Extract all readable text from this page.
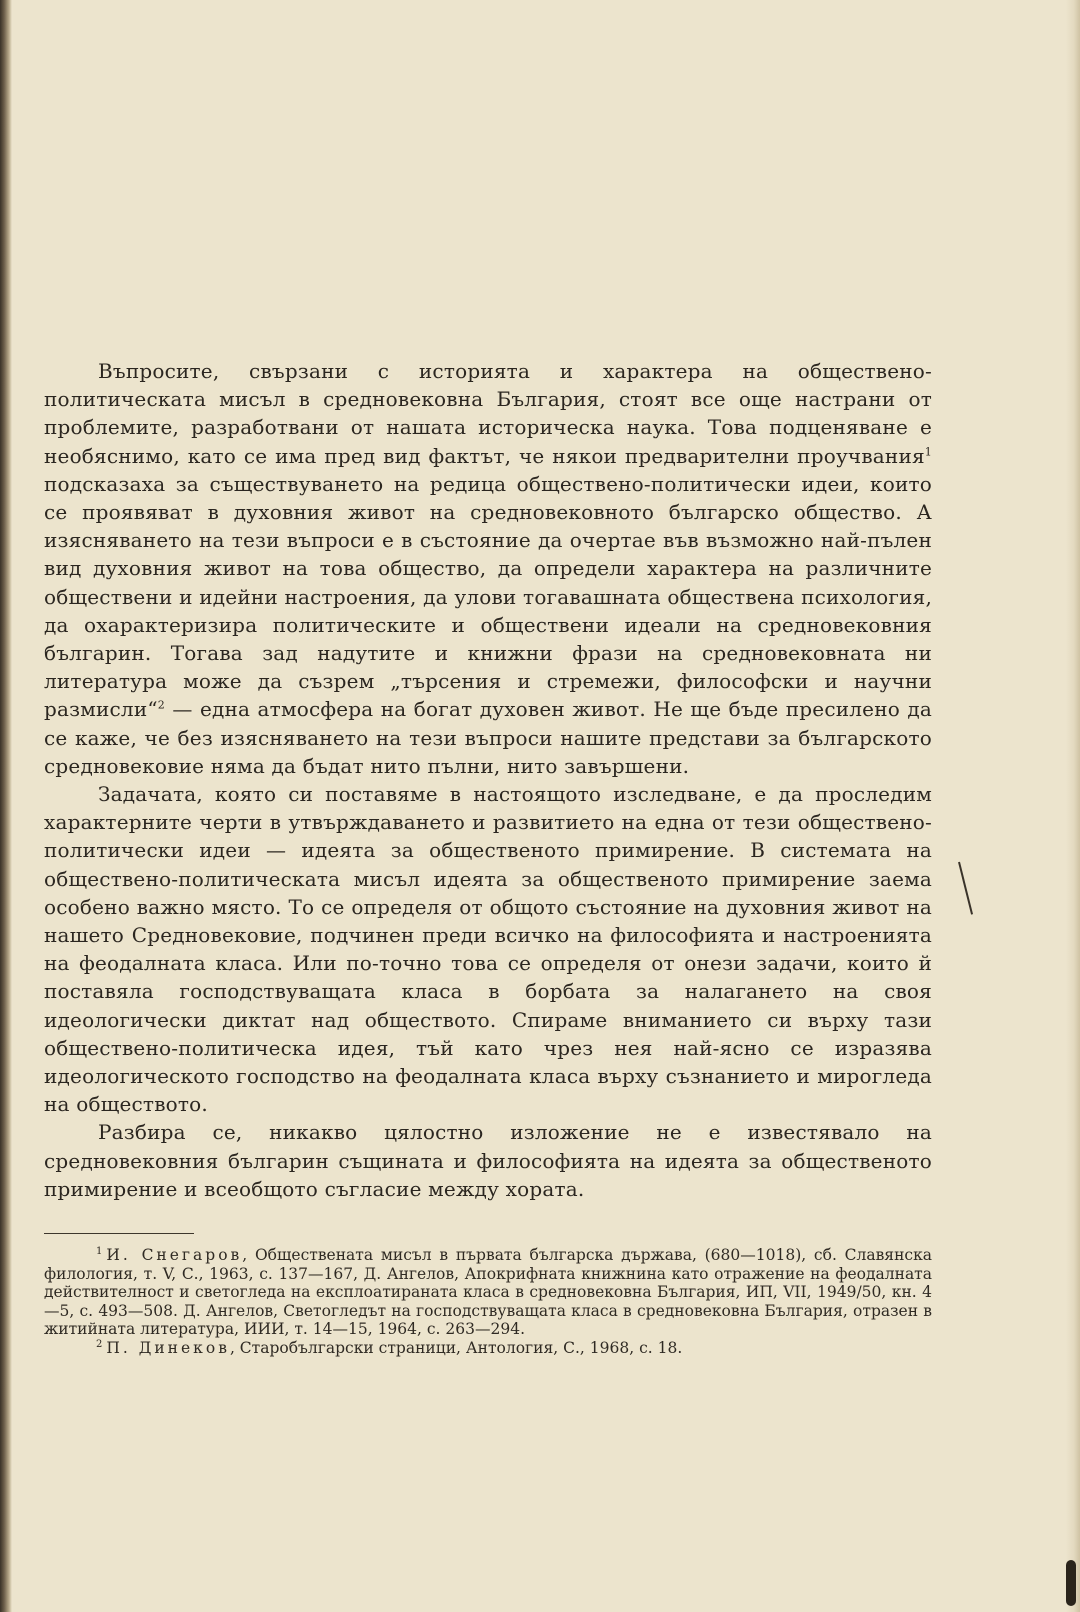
Въпросите, свързани с историята и характера на обществено-политическата мисъл в средновековна България, стоят все още настрани от проблемите, разработвани от нашата историческа наука. Това подценяване е необяснимо, като се има пред вид фактът, че някои предварителни проучвания$^1$ подсказаха за съществуването на редица обществено-политически идеи, които се проявяват в духовния живот на средновековното българско общество. А изясняването на тези въпроси е в състояние да очертае във възможно най-пълен вид духовния живот на това общество, да определи характера на различните обществени и идейни настроения, да улови тогавашната обществена психология, да охарактеризира политическите и обществени идеали на средновековния българин. Тогава зад надутите и книжни фрази на средновековната ни литература може да съзрем „търсения и стремежи, философски и научни размисли“$^2$ — една атмосфера на богат духовен живот. Не ще бъде пресилено да се каже, че без изясняването на тези въпроси нашите представи за българското средновековие няма да бъдат нито пълни, нито завършени.

Задачата, която си поставяме в настоящото изследване, е да проследим характерните черти в утвърждаването и развитието на една от тези обществено-политически идеи — идеята за общественото примирение. В системата на обществено-политическата мисъл идеята за общественото примирение заема особено важно място. То се определя от общото състояние на духовния живот на нашето Средновековие, подчинен преди всичко на философията и настроенията на феодалната класа. Или по-точно това се определя от онези задачи, които й поставяла господствуващата класа в борбата за налагането на своя идеологически диктат над обществото. Спираме вниманието си върху тази обществено-политическа идея, тъй като чрез нея най-ясно се изразява идеологическото господство на феодалната класа върху съзнанието и мирогледа на обществото.

Разбира се, никакво цялостно изложение не е известявало на средновековния българин същината и философията на идеята за общественото примирение и всеобщото съгласие между хората.

$^1$ И. Снегаров, Обществената мисъл в първата българска държава, (680—1018), сб. Славянска филология, т. V, С., 1963, с. 137—167, Д. Ангелов, Апокрифната книжнина като отражение на феодалната действителност и светогледа на експлоатираната класа в средновековна България, ИП, VII, 1949/50, кн. 4—5, с. 493—508. Д. Ангелов, Светогледът на господствуващата класа в средновековна България, отразен в житийната литература, ИИИ, т. 14—15, 1964, с. 263—294.

$^2$ П. Динеков, Старобългарски страници, Антология, С., 1968, с. 18.
